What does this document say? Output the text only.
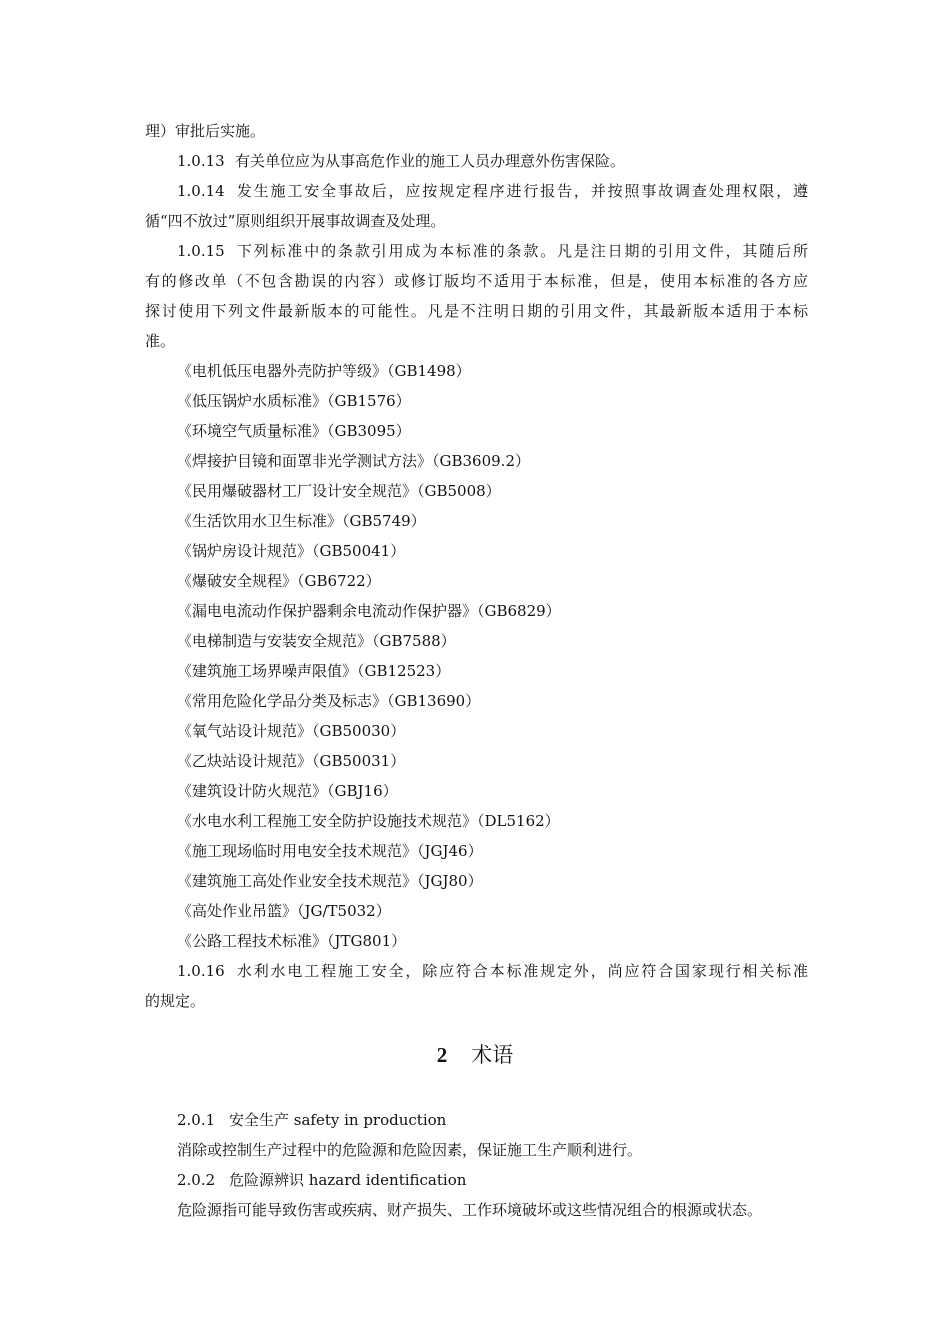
理）审批后实施。
1.0.13 有关单位应为从事高危作业的施工人员办理意外伤害保险。
1.0.14 发生施工安全事故后，应按规定程序进行报告，并按照事故调查处理权限，遵
循“四不放过”原则组织开展事故调查及处理。
1.0.15 下列标准中的条款引用成为本标准的条款。凡是注日期的引用文件，其随后所
有的修改单（不包含勘误的内容）或修订版均不适用于本标准，但是，使用本标准的各方应
探讨使用下列文件最新版本的可能性。凡是不注明日期的引用文件，其最新版本适用于本标
准。
《电机低压电器外壳防护等级》（GB1498）
《低压锅炉水质标准》（GB1576）
《环境空气质量标准》（GB3095）
《焊接护目镜和面罩非光学测试方法》（GB3609.2）
《民用爆破器材工厂设计安全规范》（GB5008）
《生活饮用水卫生标准》（GB5749）
《锅炉房设计规范》（GB50041）
《爆破安全规程》（GB6722）
《漏电电流动作保护器剩余电流动作保护器》（GB6829）
《电梯制造与安装安全规范》（GB7588）
《建筑施工场界噪声限值》（GB12523）
《常用危险化学品分类及标志》（GB13690）
《氧气站设计规范》（GB50030）
《乙炔站设计规范》（GB50031）
《建筑设计防火规范》（GBJ16）
《水电水利工程施工安全防护设施技术规范》（DL5162）
《施工现场临时用电安全技术规范》（JGJ46）
《建筑施工高处作业安全技术规范》（JGJ80）
《高处作业吊篮》（JG/T5032）
《公路工程技术标准》（JTG801）
1.0.16 水利水电工程施工安全，除应符合本标准规定外，尚应符合国家现行相关标准
的规定。
2 术语
2.0.1 安全生产 safety in production
消除或控制生产过程中的危险源和危险因素，保证施工生产顺利进行。
2.0.2 危险源辨识 hazard identification
危险源指可能导致伤害或疾病、财产损失、工作环境破坏或这些情况组合的根源或状态。
